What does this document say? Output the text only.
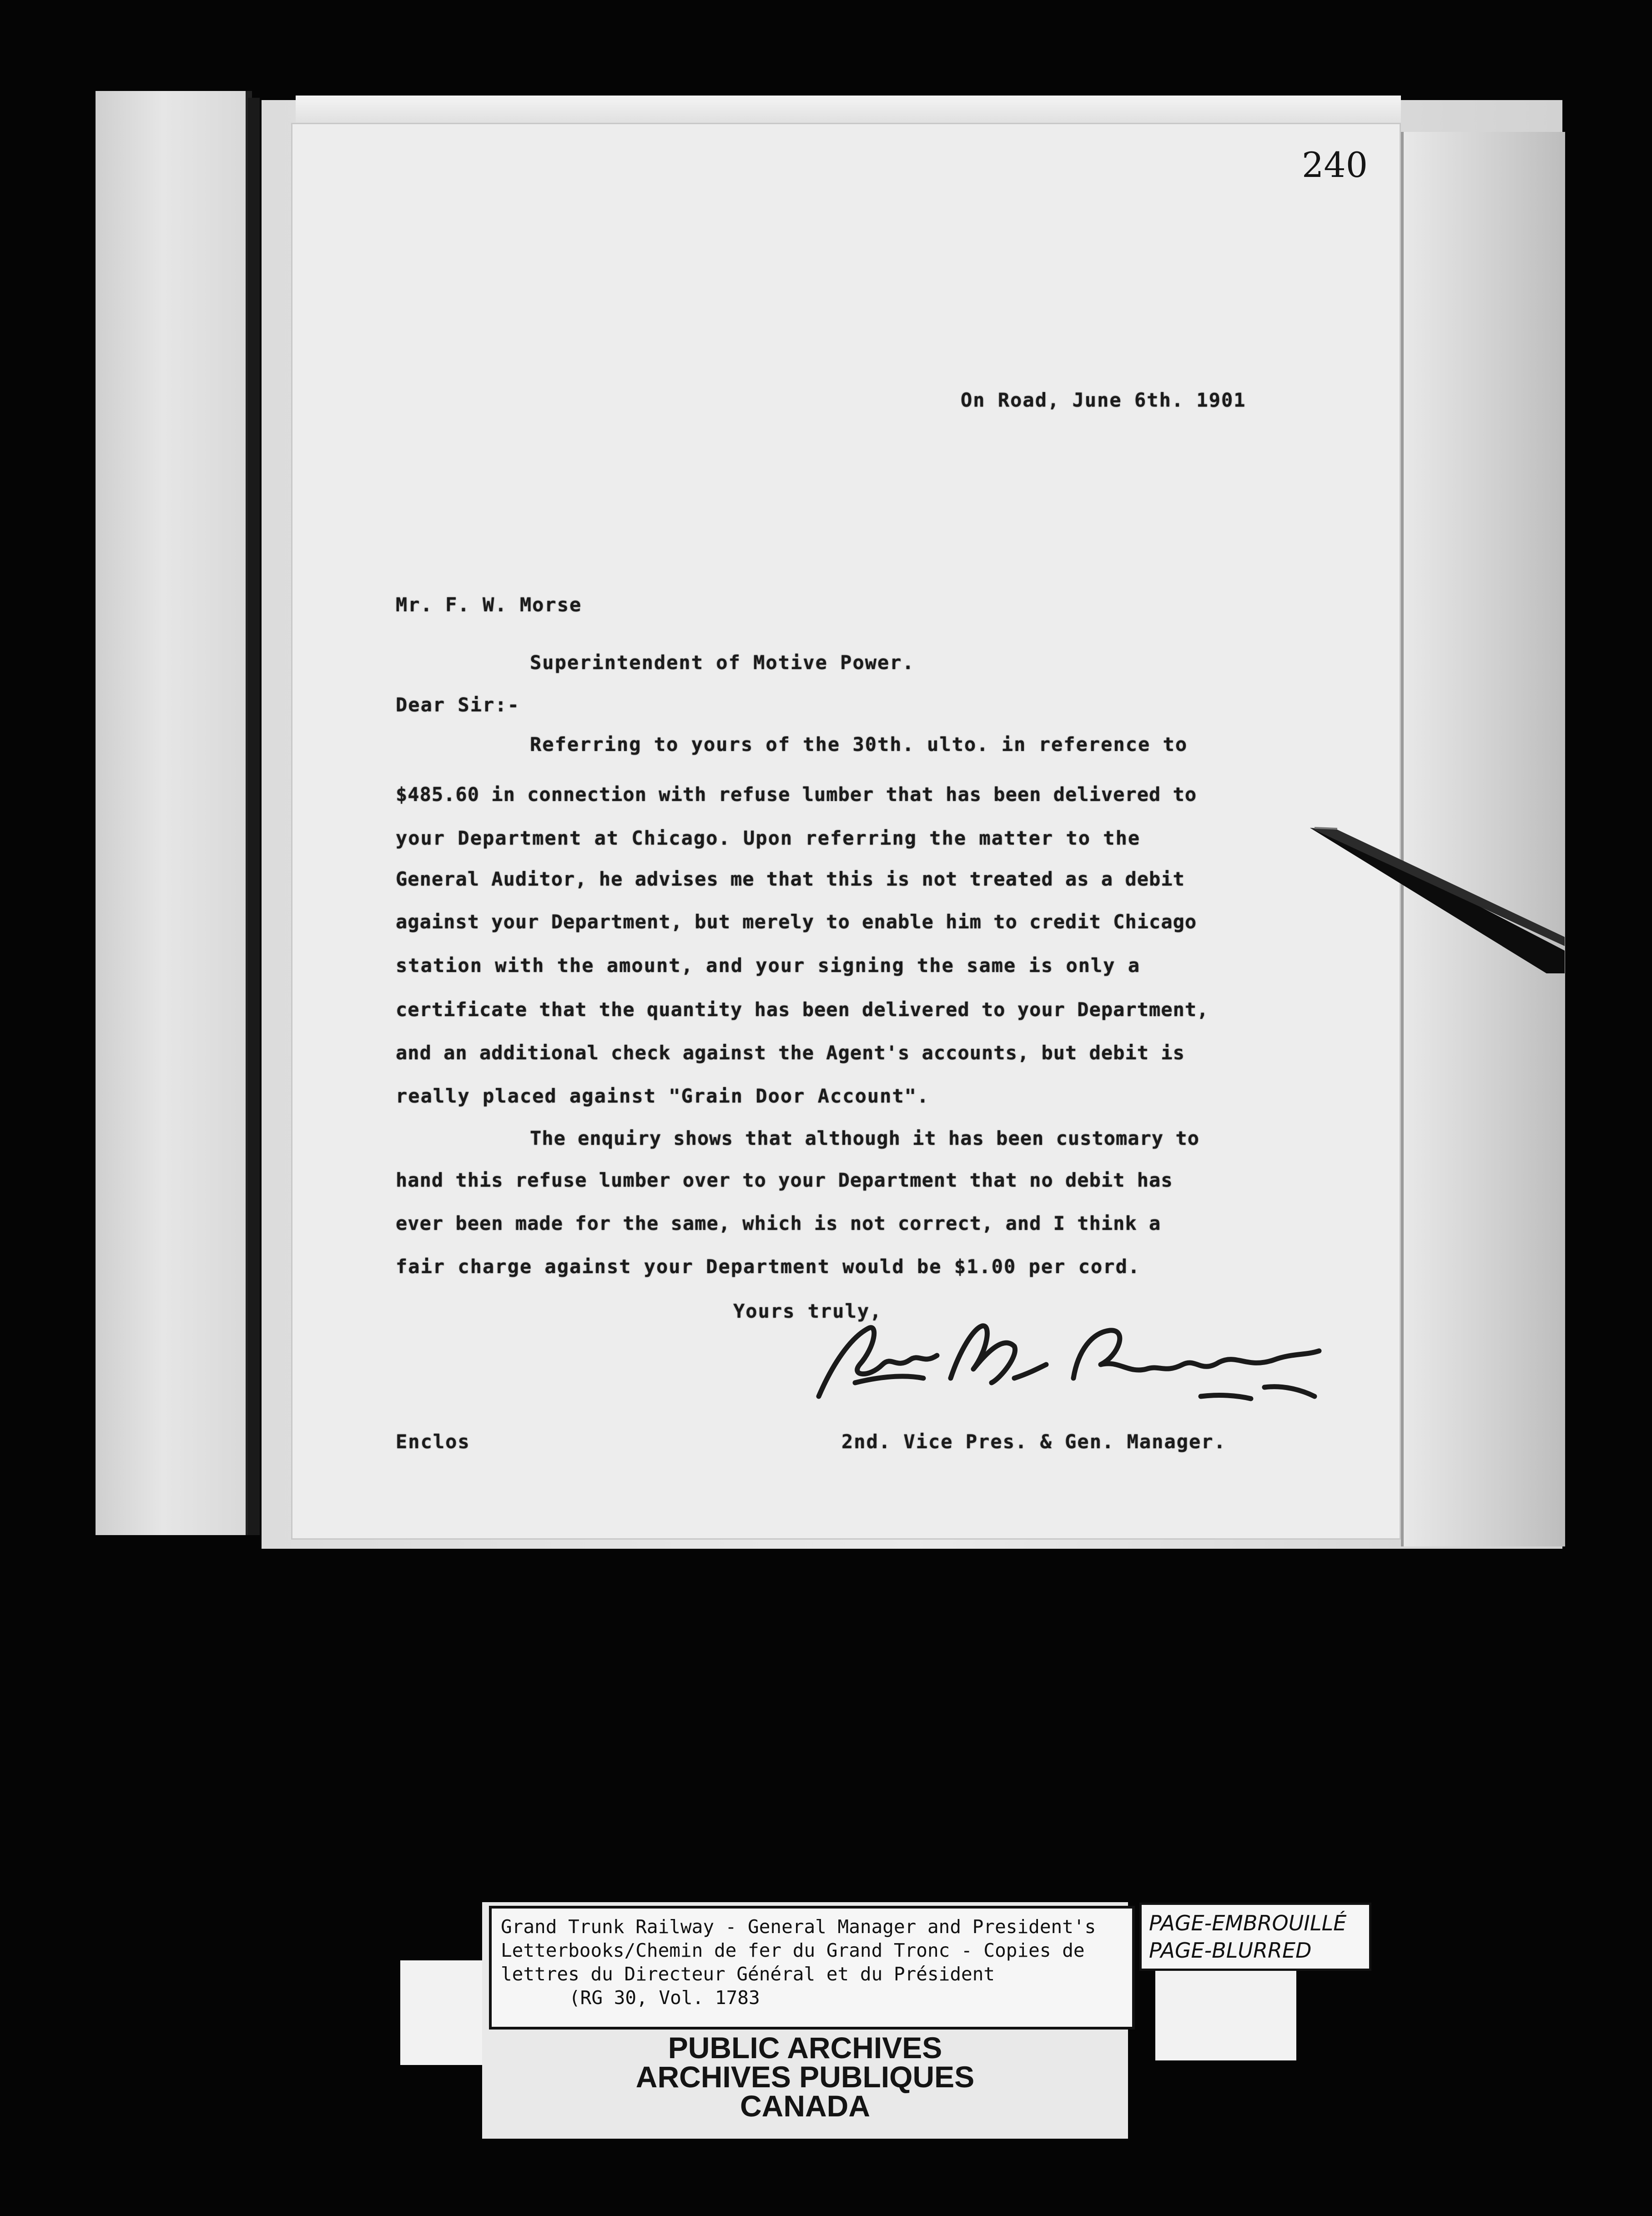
240
On Road, June 6th. 1901
Mr. F. W. Morse
Superintendent of Motive Power.
Dear Sir:-
Referring to yours of the 30th. ulto. in reference to
$485.60 in connection with refuse lumber that has been delivered to
your Department at Chicago. Upon referring the matter to the
General Auditor, he advises me that this is not treated as a debit
against your Department, but merely to enable him to credit Chicago
station with the amount, and your signing the same is only a
certificate that the quantity has been delivered to your Department,
and an additional check against the Agent's accounts, but debit is
really placed against "Grain Door Account".
The enquiry shows that although it has been customary to
hand this refuse lumber over to your Department that no debit has
ever been made for the same, which is not correct, and I think a
fair charge against your Department would be $1.00 per cord.
Yours truly,
Enclos	2nd. Vice Pres. & Gen. Manager.
Grand Trunk Railway - General Manager and President's
Letterbooks/Chemin de fer du Grand Tronc - Copies de
lettres du Directeur Général et du Président
(RG 30, Vol. 1783
PAGE-EMBROUILLÉ
PAGE-BLURRED
PUBLIC ARCHIVES
ARCHIVES PUBLIQUES
CANADA
